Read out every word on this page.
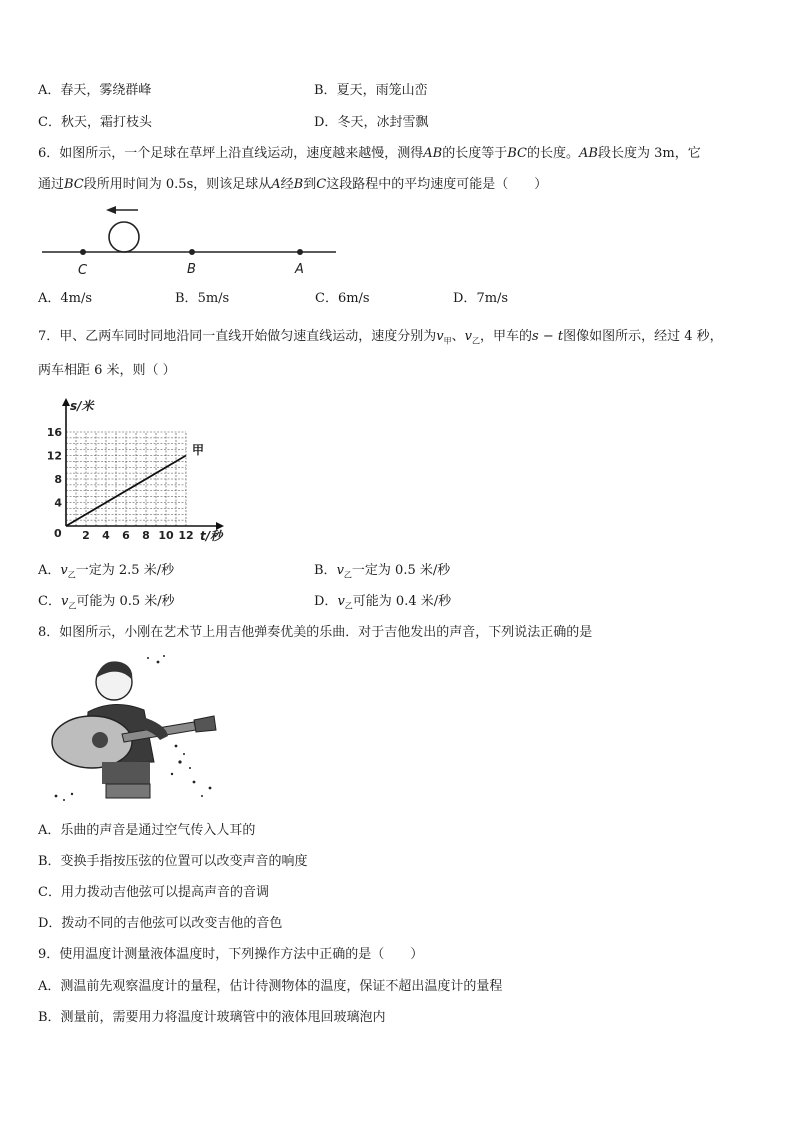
A．春天，雾绕群峰	B．夏天，雨笼山峦
C．秋天，霜打枝头	D．冬天，冰封雪飘
6．如图所示，一个足球在草坪上沿直线运动，速度越来越慢，测得AB的长度等于BC的长度。AB段长度为 3m，它
通过BC段所用时间为 0.5s，则该足球从A经B到C这段路程中的平均速度可能是（　　）
C	B	A
A．4m/s	B．5m/s	C．6m/s	D．7m/s
7．甲、乙两车同时同地沿同一直线开始做匀速直线运动，速度分别为$v_甲$、$v_乙$，甲车的s − t图像如图所示，经过 4 秒，
两车相距 6 米，则（ ）
2 4 6 8 10 12
4
8
12
16
s/米
t/秒
0
甲
A．$v_乙$一定为 2.5 米/秒	B．$v_乙$一定为 0.5 米/秒
C．$v_乙$可能为 0.5 米/秒	D．$v_乙$可能为 0.4 米/秒
8．如图所示，小刚在艺术节上用吉他弹奏优美的乐曲．对于吉他发出的声音，下列说法正确的是
A．乐曲的声音是通过空气传入人耳的
B．变换手指按压弦的位置可以改变声音的响度
C．用力拨动吉他弦可以提高声音的音调
D．拨动不同的吉他弦可以改变吉他的音色
9．使用温度计测量液体温度时，下列操作方法中正确的是（　　）
A．测温前先观察温度计的量程，估计待测物体的温度，保证不超出温度计的量程
B．测量前，需要用力将温度计玻璃管中的液体甩回玻璃泡内
